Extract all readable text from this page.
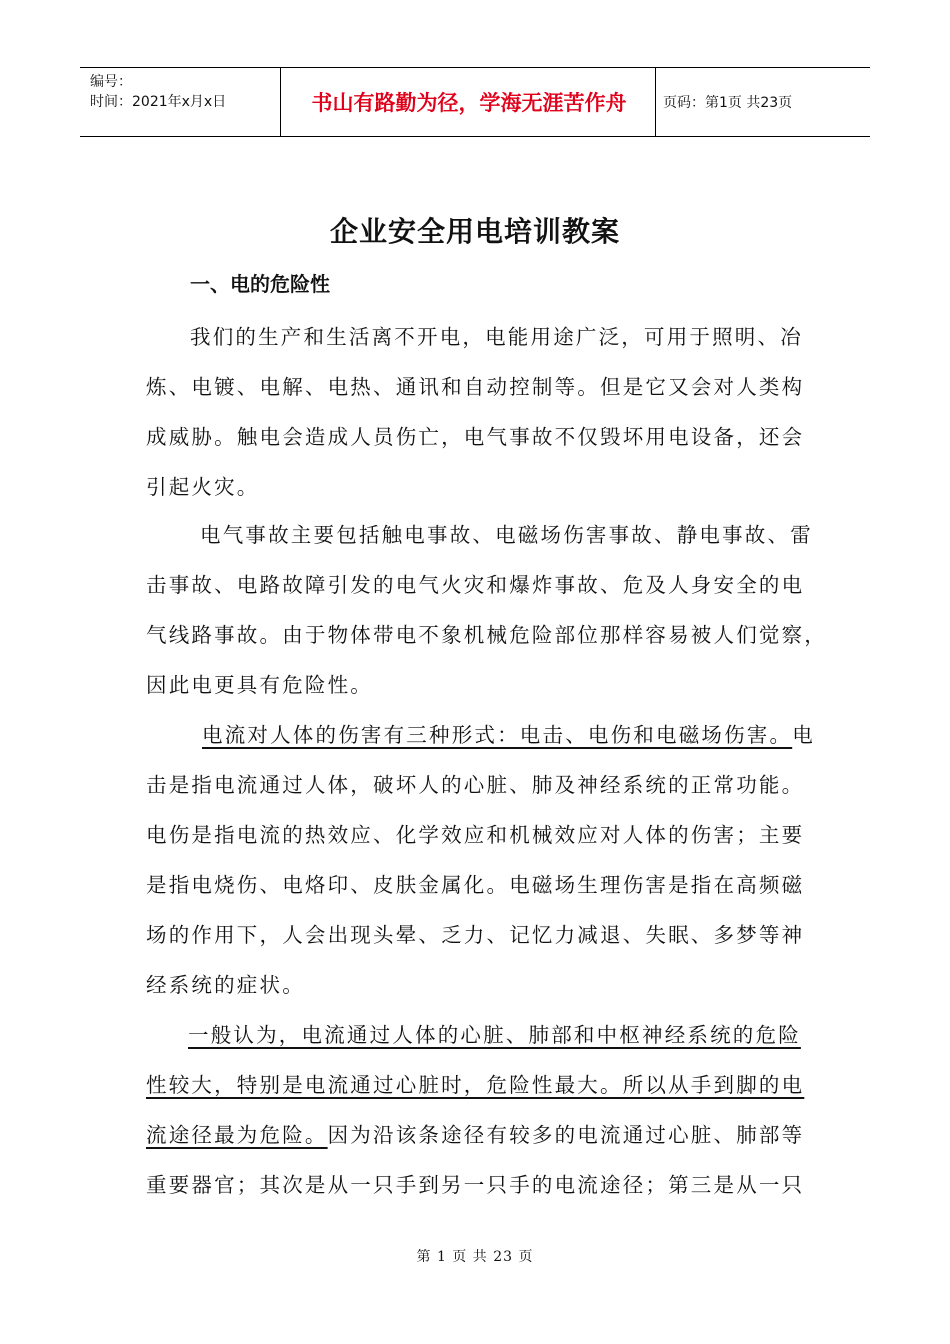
编号：
时间：2021年x月x日	书山有路勤为径，学海无涯苦作舟	页码：第1页 共23页
企业安全用电培训教案
一、电的危险性
我们的生产和生活离不开电，电能用途广泛，可用于照明、冶
炼、电镀、电解、电热、通讯和自动控制等。但是它又会对人类构
成威胁。触电会造成人员伤亡，电气事故不仅毁坏用电设备，还会
引起火灾。
电气事故主要包括触电事故、电磁场伤害事故、静电事故、雷
击事故、电路故障引发的电气火灾和爆炸事故、危及人身安全的电
气线路事故。由于物体带电不象机械危险部位那样容易被人们觉察，
因此电更具有危险性。
电流对人体的伤害有三种形式：电击、电伤和电磁场伤害。电
击是指电流通过人体，破坏人的心脏、肺及神经系统的正常功能。
电伤是指电流的热效应、化学效应和机械效应对人体的伤害；主要
是指电烧伤、电烙印、皮肤金属化。电磁场生理伤害是指在高频磁
场的作用下，人会出现头晕、乏力、记忆力减退、失眠、多梦等神
经系统的症状。
一般认为，电流通过人体的心脏、肺部和中枢神经系统的危险
性较大，特别是电流通过心脏时，危险性最大。所以从手到脚的电
流途径最为危险。因为沿该条途径有较多的电流通过心脏、肺部等
重要器官；其次是从一只手到另一只手的电流途径；第三是从一只
第 1 页 共 23 页
